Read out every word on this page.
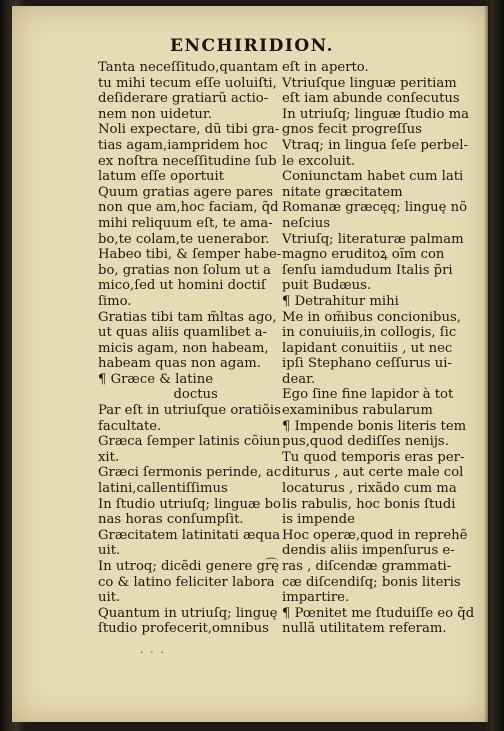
ENCHIRIDION.
Tanta neceſſitudo,quantam
tu mihi tecum eſſe uoluiſti,
deſiderare gratiarũ actio-
nem non uidetur.
Noli expectare, dũ tibi gra-
tias agam,iampridem hoc
ex noſtra neceſſitudine ſub
latum eſſe oportuit
Quum gratias agere pares
non que am,hoc faciam, q̃d
mihi reliquum eſt, te ama-
bo,te colam,te uenerabor.
Habeo tibi, & ſemper habe-
bo, gratias non ſolum ut a
mico,ſed ut homini doctiſ
ſimo.
Gratias tibi tam m̃ltas ago,
ut quas aliis quamlibet a-
micis agam, non habeam,
habeam quas non agam.
¶ Græce & latine
doctus
Par eſt in utriuſque oratiõis
facultate.
Græca ſemper latinis cõiun
xit.
Græci ſermonis perinde, ac
latini,callentiſſimus
In ſtudio utriuſq; linguæ bo
nas horas conſumpſit.
Græcitatem latinitati æqua
uit.
In utroq; dicẽdi genere gr͡ę
co & latino feliciter labora
uit.
Quantum in utriuſq; linguę
ſtudio profecerit,omnibus
eſt in aperto.
Vtriuſque linguæ peritiam
eſt iam abunde conſecutus
In utriuſq; linguæ ſtudio ma
gnos fecit progreſſus
Vtraq; in lingua ſeſe perbel-
le excoluit.
Coniunctam habet cum lati
nitate græcitatem
Romanæ græcęq; linguę nõ
neſcius
Vtriuſq; literaturæ palmam
magno eruditoꝝ oĩm con
ſenſu iamdudum Italis p̃ri
puit Budæus.
¶ Detrahitur mihi
Me in om̃ibus concionibus,
in conuiuiis,in collogis, ſic
lapidant conuitiis , ut nec
ipſi Stephano ceſſurus ui-
dear.
Ego ſine fine lapidor à tot
examinibus rabularum
¶ Impende bonis literis tem
pus,quod dediſſes nenijs.
Tu quod temporis eras per-
diturus , aut certe male col
locaturus , rixãdo cum ma
lis rabulis, hoc bonis ſtudi
is impende
Hoc operæ,quod in reprehẽ
dendis aliis impenſurus e-
ras , diſcendæ grammati-
cæ diſcendiſq; bonis literis
impartire.
¶ Pœnitet me ſtuduiſſe eo q̃d
nullã utilitatem referam.
· · ·
